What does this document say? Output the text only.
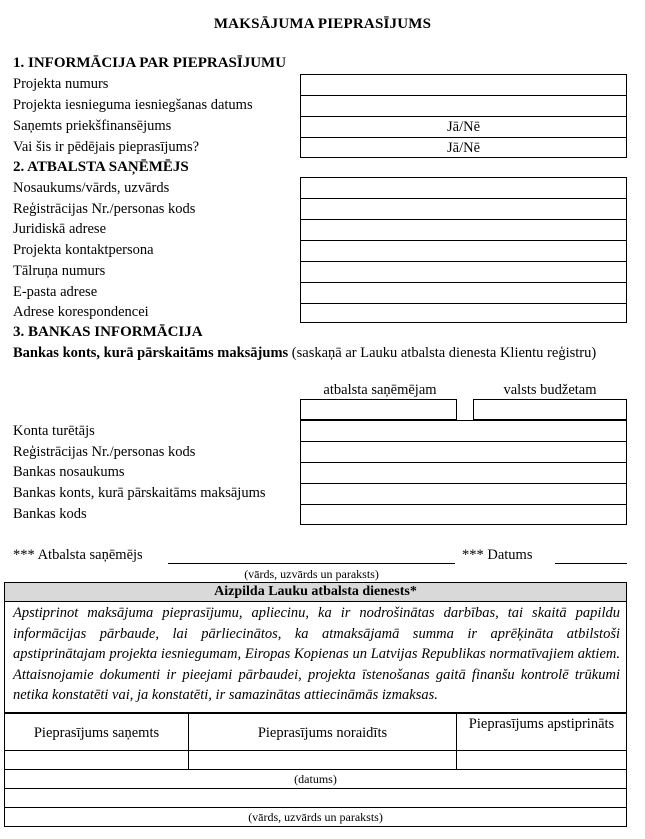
MAKSĀJUMA PIEPRASĪJUMS
1. INFORMĀCIJA PAR PIEPRASĪJUMU
Projekta numurs
Projekta iesnieguma iesniegšanas datums
Saņemts priekšfinansējums
Vai šis ir pēdējais pieprasījums?
Jā/Nē
Jā/Nē
2. ATBALSTA SAŅĒMĒJS
Nosaukums/vārds, uzvārds
Reģistrācijas Nr./personas kods
Juridiskā adrese
Projekta kontaktpersona
Tālruņa numurs
E-pasta adrese
Adrese korespondencei
3. BANKAS INFORMĀCIJA
Bankas konts, kurā pārskaitāms maksājums (saskaņā ar Lauku atbalsta dienesta Klientu reģistru)
atbalsta saņēmējam	valsts budžetam
Konta turētājs
Reģistrācijas Nr./personas kods
Bankas nosaukums
Bankas konts, kurā pārskaitāms maksājums
Bankas kods
*** Atbalsta saņēmējs
(vārds, uzvārds un paraksts)
*** Datums
Aizpilda Lauku atbalsta dienests*
Apstiprinot maksājuma pieprasījumu, apliecinu, ka ir nodrošinātas darbības, tai skaitā papildu informācijas pārbaude, lai pārliecinātos, ka atmaksājamā summa ir aprēķināta atbilstoši apstiprinātajam projekta iesniegumam, Eiropas Kopienas un Latvijas Republikas normatīvajiem aktiem. Attaisnojamie dokumenti ir pieejami pārbaudei, projekta īstenošanas gaitā finanšu kontrolē trūkumi netika konstatēti vai, ja konstatēti, ir samazinātas attiecināmās izmaksas.
Pieprasījums saņemts	Pieprasījums noraidīts
Pieprasījums apstiprināts
(datums)
(vārds, uzvārds un paraksts)
